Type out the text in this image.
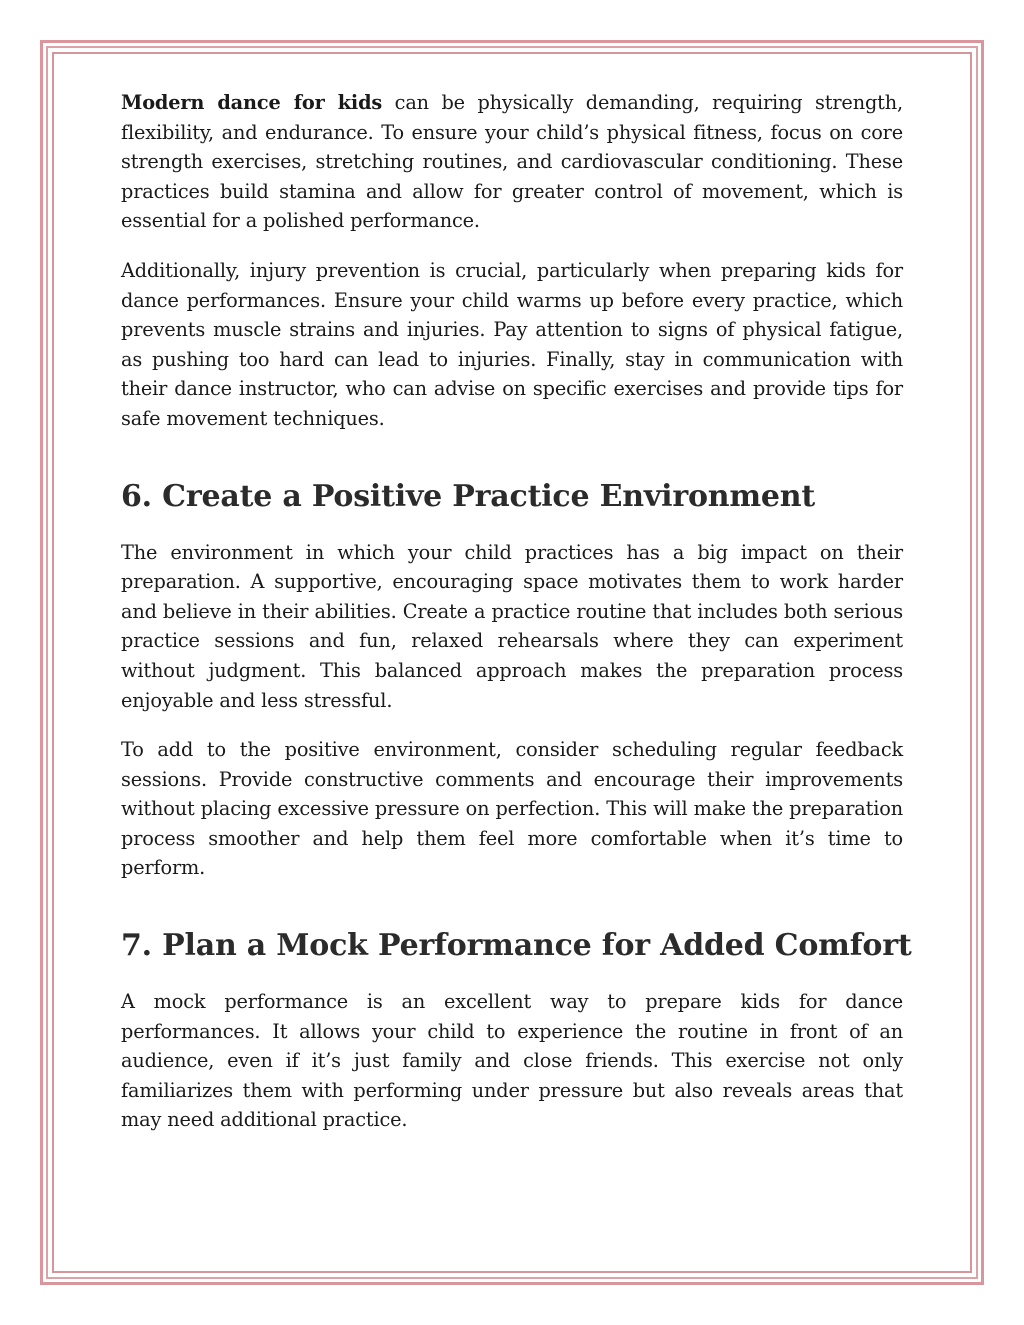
Modern dance for kids can be physically demanding, requiring strength, flexibility, and endurance. To ensure your child’s physical fitness, focus on core strength exercises, stretching routines, and cardiovascular conditioning. These practices build stamina and allow for greater control of movement, which is essential for a polished performance.

Additionally, injury prevention is crucial, particularly when preparing kids for dance performances. Ensure your child warms up before every practice, which prevents muscle strains and injuries. Pay attention to signs of physical fatigue, as pushing too hard can lead to injuries. Finally, stay in communication with their dance instructor, who can advise on specific exercises and provide tips for safe movement techniques.

6. Create a Positive Practice Environment

The environment in which your child practices has a big impact on their preparation. A supportive, encouraging space motivates them to work harder and believe in their abilities. Create a practice routine that includes both serious practice sessions and fun, relaxed rehearsals where they can experiment without judgment. This balanced approach makes the preparation process enjoyable and less stressful.

To add to the positive environment, consider scheduling regular feedback sessions. Provide constructive comments and encourage their improvements without placing excessive pressure on perfection. This will make the preparation process smoother and help them feel more comfortable when it’s time to perform.

7. Plan a Mock Performance for Added Comfort

A mock performance is an excellent way to prepare kids for dance performances. It allows your child to experience the routine in front of an audience, even if it’s just family and close friends. This exercise not only familiarizes them with performing under pressure but also reveals areas that may need additional practice.
